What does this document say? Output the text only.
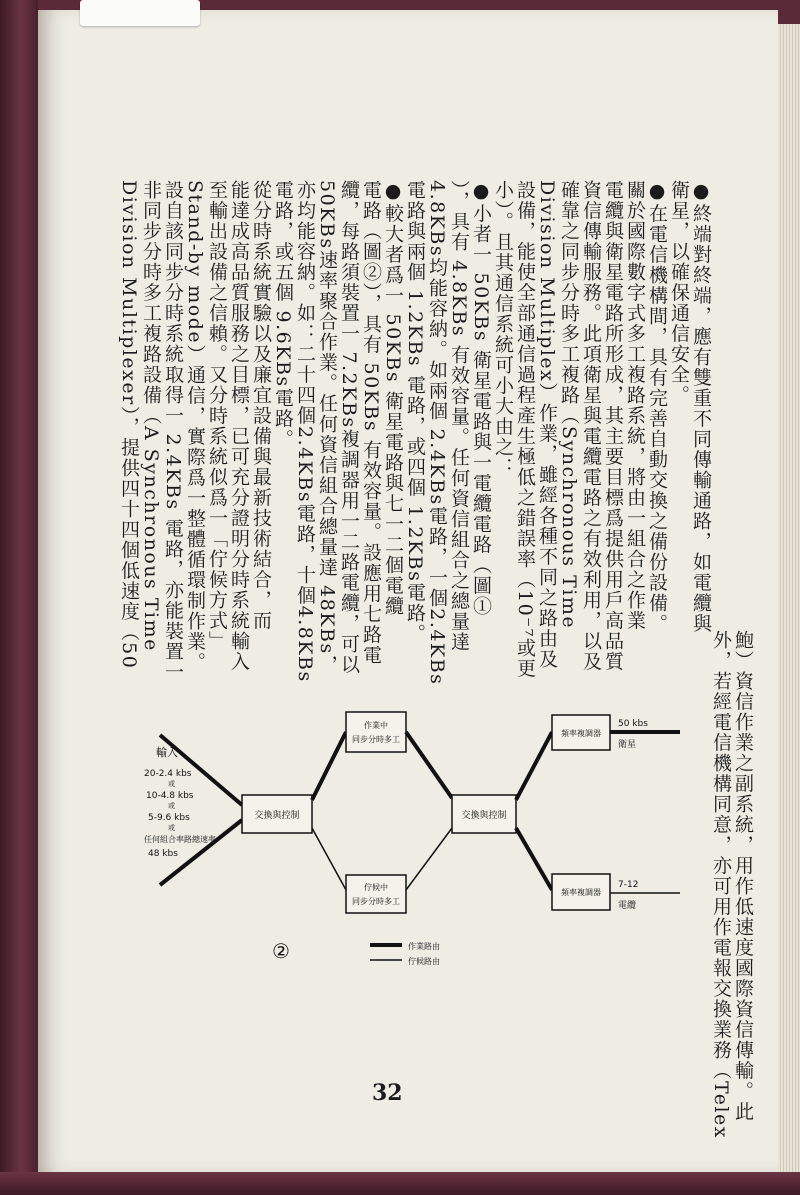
●終端對終端，應有雙重不同傳輸通路，如電纜與
衛星，以確保通信安全。
●在電信機構間，具有完善自動交換之備份設備。
關於國際數字式多工複路系統，將由一組合之作業
電纜與衛星電路所形成，其主要目標爲提供用戶高品質
資信傳輸服務。此項衛星與電纜電路之有效利用，以及
確靠之同步分時多工複路（Synchronous Time
Division Multiplex）作業，雖經各種不同之路由及
設備，能使全部通信過程產生極低之錯誤率（10⁻⁷或更
小）。且其通信系統可小大由之：
●小者一 50KBs 衛星電路與一電纜電路（圖①
），具有 4.8KBs 有效容量。任何資信組合之總量達
4.8KBs均能容納。如兩個 2.4KBs電路，一個2.4KBs
電路與兩個 1.2KBs 電路，或四個 1.2KBs電路。
●較大者爲一 50KBs 衛星電路與七一二個電纜
電路（圖②），具有 50KBs 有效容量。設應用七路電
纜，每路須裝置一 7.2KBs複調器用一二路電纜，可以
50KBs速率聚合作業。任何資信組合總量達 48KBs，
亦均能容納。如：二十四個2.4KBs電路，十個4.8KBs
電路，或五個 9.6KBs電路。
從分時系統實驗以及廉宜設備與最新技術結合，而
能達成高品質服務之目標，已可充分證明分時系統輸入
至輸出設備之信賴。又分時系統似爲一「佇候方式」
Stand-by mode）通信，實際爲一整體循環制作業。
設自該同步分時系統取得一 2.4KBs 電路，亦能裝置一
非同步分時多工複路設備（A Synchronous Time
Division Multiplexer），提供四十四個低速度（50
鮑）資信作業之副系統，用作低速度國際資信傳輸。此
外，若經電信機構同意，亦可用作電報交換業務（Telex
交換與控制
作業中
同步分時多工
佇候中
同步分時多工
交換與控制
頻率複調器
50 kbs
衛星
頻率複調器
7-12
電纜
輸入
20-2.4 kbs
或
10-4.8 kbs
或
5-9.6 kbs
或
任何組合率路總速率
48 kbs
②	作業路由
佇候路由
32
